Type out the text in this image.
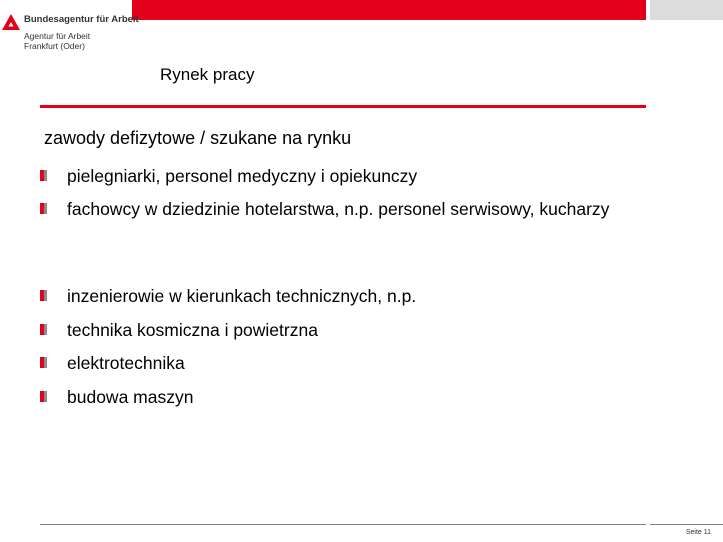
Bundesagentur für Arbeit
Agentur für Arbeit
Frankfurt (Oder)
Rynek pracy
zawody defizytowe / szukane na rynku
pielegniarki, personel medyczny i opiekunczy
fachowcy w dziedzinie hotelarstwa, n.p. personel serwisowy, kucharzy
inzenierowie w kierunkach technicznych, n.p.
technika kosmiczna i powietrzna
elektrotechnika
budowa maszyn
Seite 11
